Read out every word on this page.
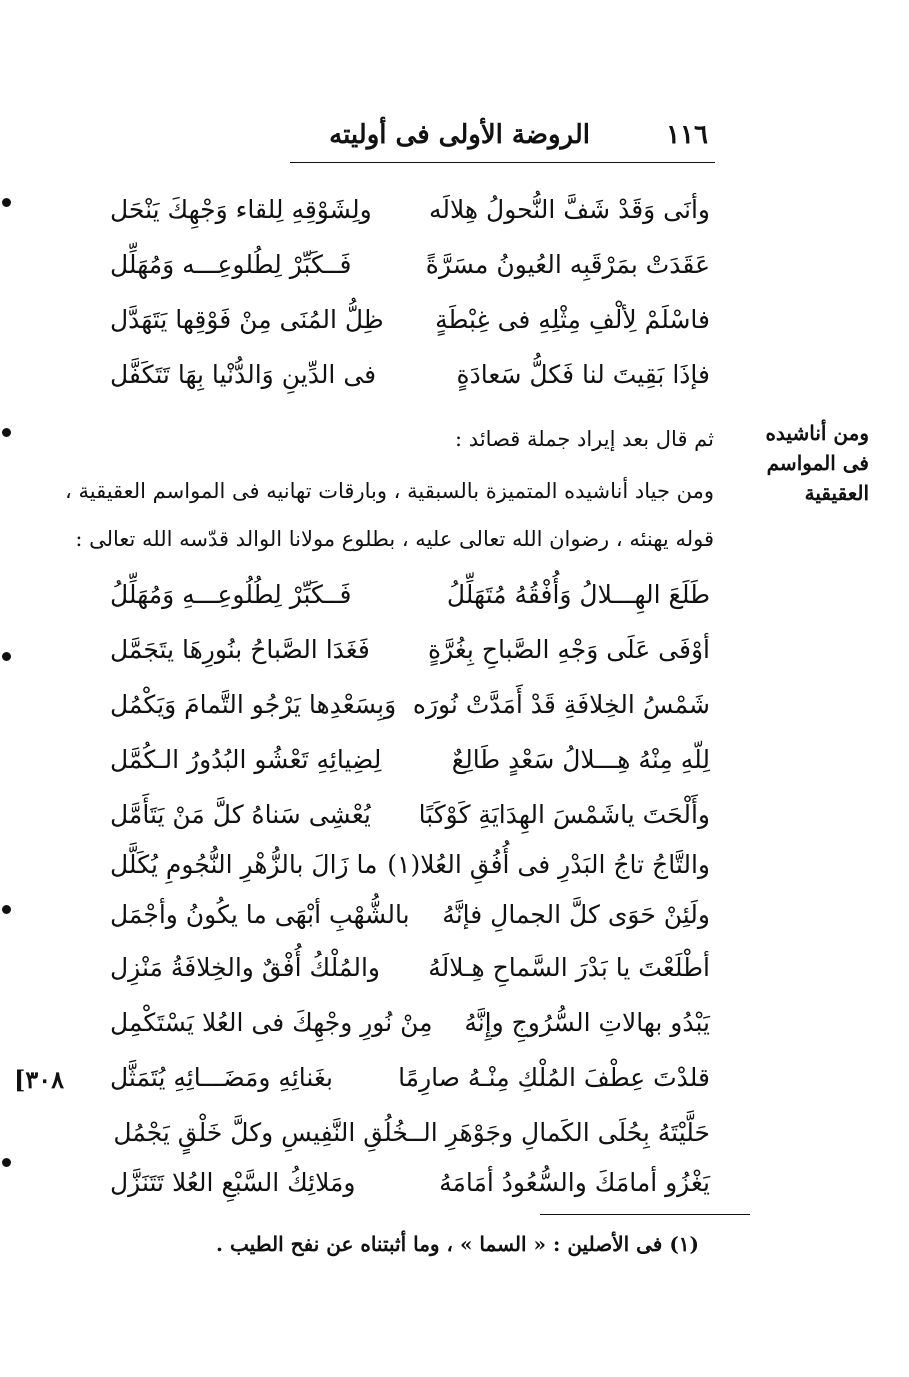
١١٦
الروضة الأولى فى أوليته
وأنَى وَقَدْ شَفَّ النُّحولُ هِلالَه
ولِشَوْقِهِ لِلقاء وَجْهِكَ يَنْحَل
عَقَدَتْ بمَرْقَبِه العُيونُ مسَرَّةً
فَــكَبِّرْ لِطُلوعِـــه وَمُهَلِّل
فاسْلَمْ لِألْفِ مِثْلِهِ فى غِبْطَةٍ
ظِلُّ المُنَى مِنْ فَوْقِها يَتَهَدَّل
فإذَا بَقِيتَ لنا فَكلُّ سَعادَةٍ
فى الدِّينِ وَالدُّنْيا بِهَا تَتَكَفَّل
ثم قال بعد إيراد جملة قصائد :
ومن جياد أناشيده المتميزة بالسبقية ، وبارقات تهانيه فى المواسم العقيقية ،
قوله يهنئه ، رضوان الله تعالى عليه ، بطلوع مولانا الوالد قدّسه الله تعالى :
ومن أناشيده فى المواسم العقيقية
طَلَعَ الهِـــلالُ وَأُفْقُهُ مُتَهَلِّلُ
فَــكَبِّرْ لِطُلُوعِـــهِ وَمُهَلِّلُ
أوْفَى عَلَى وَجْهِ الصَّباحِ بِغُرَّةٍ
فَغَدَا الصَّباحُ بنُورِهَا يتَجَمَّل
شَمْسُ الخِلافَةِ قَدْ أَمَدَّتْ نُورَه
وَبِسَعْدِها يَرْجُو التَّمامَ وَيَكْمُل
لِلّهِ مِنْهُ هِـــلالُ سَعْدٍ طَالِعٌ
لِضِيائِهِ تَعْشُو البُدُورُ الـكُمَّل
وأَلْحَتَ ياشَمْسَ الهِدَايَةِ كَوْكَبًا
يُعْشِى سَناهُ كلَّ مَنْ يَتَأَمَّل
والتَّاجُ تاجُ البَدْرِ فى أُفُقِ العُلا(١)
ما زَالَ بالزُّهْرِ النُّجُومِ يُكَلَّل
ولَئِنْ حَوَى كلَّ الجمالِ فإنَّهُ
بالشُّهْبِ أبْهَى ما يكُونُ وأجْمَل
أطْلَعْتَ يا بَدْرَ السَّماحِ هِـلالَهُ
والمُلْكُ أُفْقٌ والخِلافَةُ مَنْزِل
يَبْدُو بهالاتِ السُّرُوجِ وإِنَّهُ
مِنْ نُورِ وجْهِكَ فى العُلا يَسْتَكْمِل
قلدْتَ عِطْفَ المُلْكِ مِنْـهُ صارِمًا
بغَنائِهِ ومَضَـــائِهِ يُتَمَثَّل
حَلَّيْتَهُ بِحُلَى الكَمالِ وجَوْهَرِ الــخُلُقِ النَّفِيسِ وكلَّ خَلْقٍ يَجْمُل
يَغْزُو أمامَكَ والسُّعُودُ أمَامَهُ
ومَلائِكُ السَّبْعِ العُلا تَتَنَزَّل
[٣٠٨
(١) فى الأصلين : « السما » ، وما أثبتناه عن نفح الطيب .
